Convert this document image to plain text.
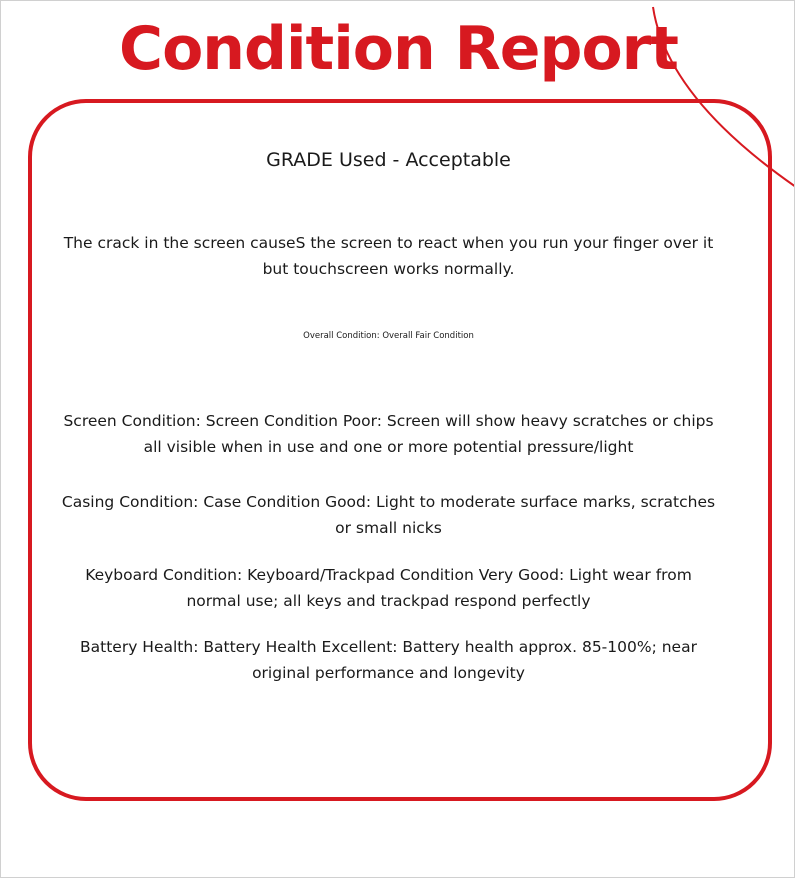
Condition Report

GRADE Used - Acceptable

The crack in the screen causeS the screen to react when you run your finger over it but touchscreen works normally.

Overall Condition: Overall Fair Condition

Screen Condition: Screen Condition Poor: Screen will show heavy scratches or chips all visible when in use and one or more potential pressure/light

Casing Condition: Case Condition Good: Light to moderate surface marks, scratches or small nicks

Keyboard Condition: Keyboard/Trackpad Condition Very Good: Light wear from normal use; all keys and trackpad respond perfectly

Battery Health: Battery Health Excellent: Battery health approx. 85-100%; near original performance and longevity
